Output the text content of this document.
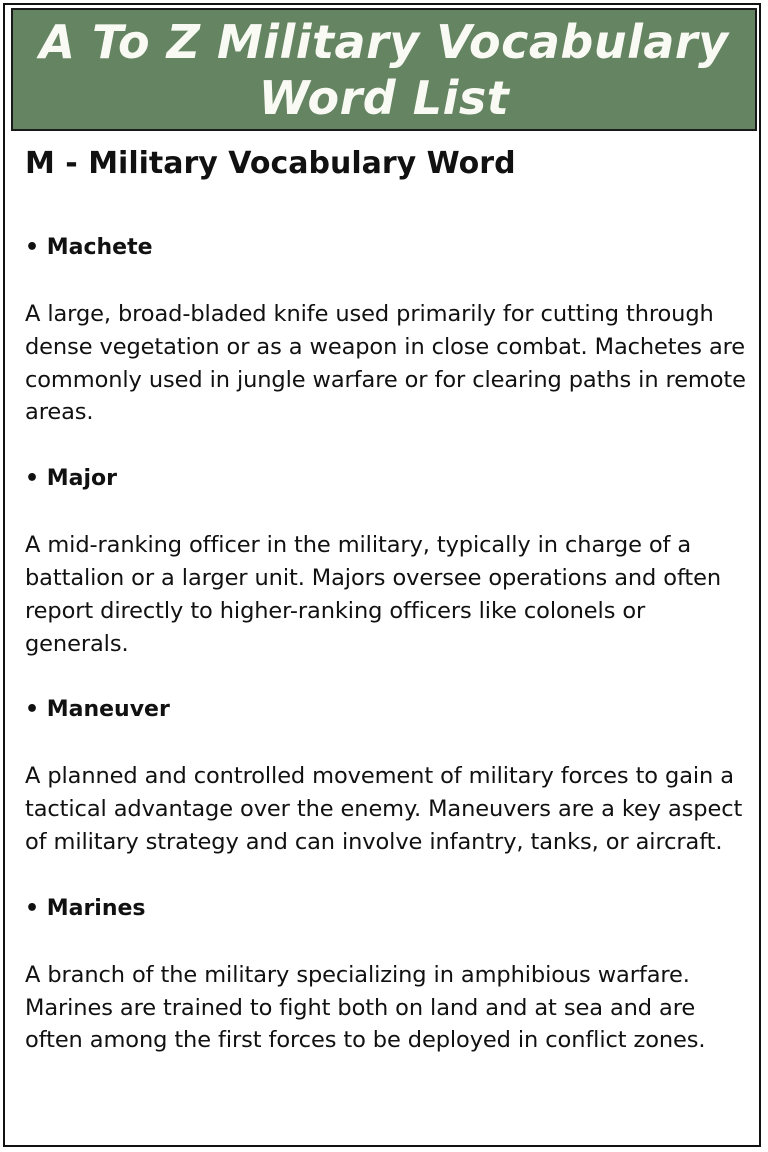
A To Z Military Vocabulary Word List
M - Military Vocabulary Word

• Machete

A large, broad-bladed knife used primarily for cutting through dense vegetation or as a weapon in close combat. Machetes are commonly used in jungle warfare or for clearing paths in remote areas.

• Major

A mid-ranking officer in the military, typically in charge of a battalion or a larger unit. Majors oversee operations and often report directly to higher-ranking officers like colonels or generals.

• Maneuver

A planned and controlled movement of military forces to gain a tactical advantage over the enemy. Maneuvers are a key aspect of military strategy and can involve infantry, tanks, or aircraft.

• Marines

A branch of the military specializing in amphibious warfare. Marines are trained to fight both on land and at sea and are often among the first forces to be deployed in conflict zones.
